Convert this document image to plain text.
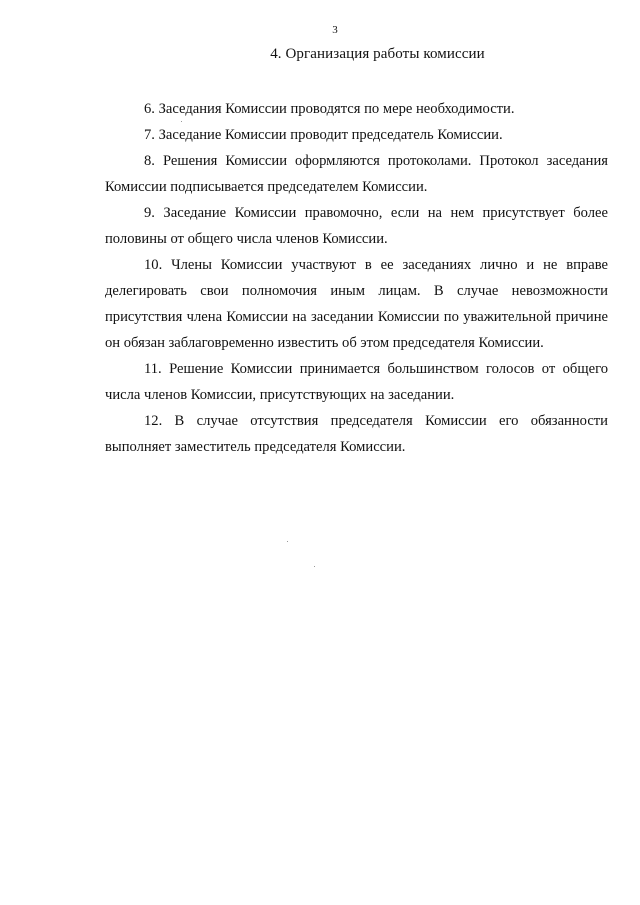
3
4. Организация работы комиссии

6. Заседания Комиссии проводятся по мере необходимости.

7. Заседание Комиссии проводит председатель Комиссии.

8. Решения Комиссии оформляются протоколами. Протокол заседания Комиссии подписывается председателем Комиссии.

9. Заседание Комиссии правомочно, если на нем присутствует более половины от общего числа членов Комиссии.

10. Члены Комиссии участвуют в ее заседаниях лично и не вправе делегировать свои полномочия иным лицам. В случае невозможности присутствия члена Комиссии на заседании Комиссии по уважительной причине он обязан заблаговременно известить об этом председателя Комиссии.

11. Решение Комиссии принимается большинством голосов от общего числа членов Комиссии, присутствующих на заседании.

12. В случае отсутствия председателя Комиссии его обязанности выполняет заместитель председателя Комиссии.
